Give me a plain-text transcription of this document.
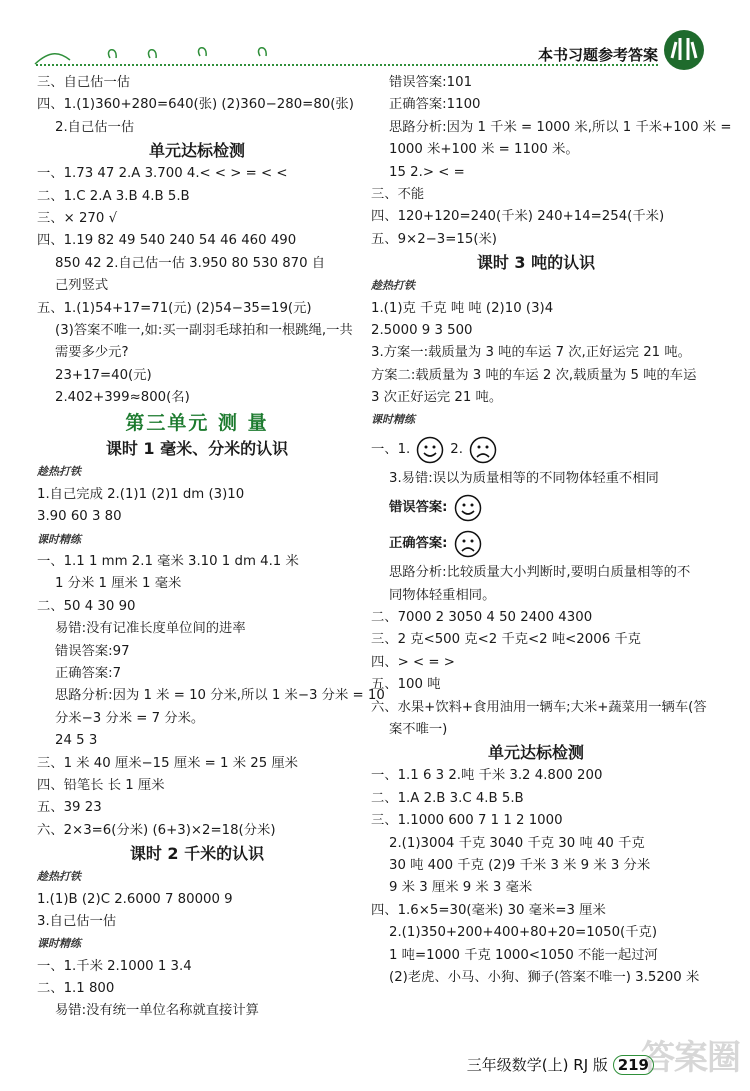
本书习题参考答案
三、自己估一估
四、1.(1)360+280=640(张) (2)360−280=80(张)
2.自己估一估
单元达标检测
一、1.73 47 2.A 3.700 4.< < > = < <
二、1.C 2.A 3.B 4.B 5.B
三、× 270 √
四、1.19 82 49 540 240 54 46 460 490
850 42 2.自己估一估 3.950 80 530 870 自
己列竖式
五、1.(1)54+17=71(元) (2)54−35=19(元)
(3)答案不唯一,如:买一副羽毛球拍和一根跳绳,一共
需要多少元?
23+17=40(元)
2.402+399≈800(名)
第三单元 测 量
课时 1 毫米、分米的认识
趁热打铁
1.自己完成 2.(1)1 (2)1 dm (3)10
3.90 60 3 80
课时精练
一、1.1 1 mm 2.1 毫米 3.10 1 dm 4.1 米
1 分米 1 厘米 1 毫米
二、50 4 30 90
易错:没有记准长度单位间的进率
错误答案:97
正确答案:7
思路分析:因为 1 米 = 10 分米,所以 1 米−3 分米 = 10
分米−3 分米 = 7 分米。
24 5 3
三、1 米 40 厘米−15 厘米 = 1 米 25 厘米
四、铅笔长 长 1 厘米
五、39 23
六、2×3=6(分米) (6+3)×2=18(分米)
课时 2 千米的认识
趁热打铁
1.(1)B (2)C 2.6000 7 80000 9
3.自己估一估
课时精练
一、1.千米 2.1000 1 3.4
二、1.1 800
易错:没有统一单位名称就直接计算
错误答案:101
正确答案:1100
思路分析:因为 1 千米 = 1000 米,所以 1 千米+100 米 =
1000 米+100 米 = 1100 米。
15 2.> < =
三、不能
四、120+120=240(千米) 240+14=254(千米)
五、9×2−3=15(米)
课时 3 吨的认识
趁热打铁
1.(1)克 千克 吨 吨 (2)10 (3)4
2.5000 9 3 500
3.方案一:载质量为 3 吨的车运 7 次,正好运完 21 吨。
方案二:载质量为 3 吨的车运 2 次,载质量为 5 吨的车运
3 次正好运完 21 吨。
课时精练
一、1.	2.
3.易错:误以为质量相等的不同物体轻重不相同
错误答案:
正确答案:
思路分析:比较质量大小判断时,要明白质量相等的不
同物体轻重相同。
二、7000 2 3050 4 50 2400 4300
三、2 克<500 克<2 千克<2 吨<2006 千克
四、> < = >
五、100 吨
六、水果+饮料+食用油用一辆车;大米+蔬菜用一辆车(答
案不唯一)
单元达标检测
一、1.1 6 3 2.吨 千米 3.2 4.800 200
二、1.A 2.B 3.C 4.B 5.B
三、1.1000 600 7 1 1 2 1000
2.(1)3004 千克 3040 千克 30 吨 40 千克
30 吨 400 千克 (2)9 千米 3 米 9 米 3 分米
9 米 3 厘米 9 米 3 毫米
四、1.6×5=30(毫米) 30 毫米=3 厘米
2.(1)350+200+400+80+20=1050(千克)
1 吨=1000 千克 1000<1050 不能一起过河
(2)老虎、小马、小狗、狮子(答案不唯一) 3.5200 米
答案圈
三年级数学(上) RJ 版 219
